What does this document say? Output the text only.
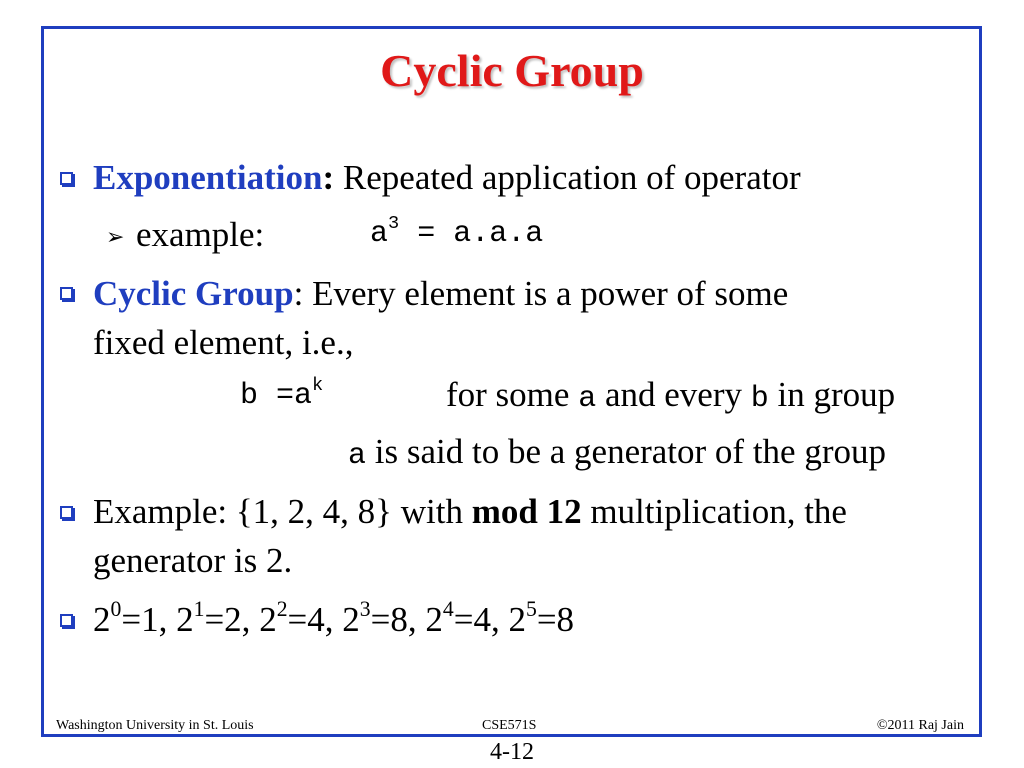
Cyclic Group
Exponentiation: Repeated application of operator
➢ example:	$a^3 = a.a.a$
Cyclic Group: Every element is a power of some
fixed element, i.e.,
$b =a^k$	for some a and every b in group
a is said to be a generator of the group
Example: {1, 2, 4, 8} with mod 12 multiplication, the
generator is 2.
$2^0=1$, $2^1=2$, $2^2=4$, $2^3=8$, $2^4=4$, $2^5=8$
Washington University in St. Louis	CSE571S	©2011 Raj Jain
4-12
